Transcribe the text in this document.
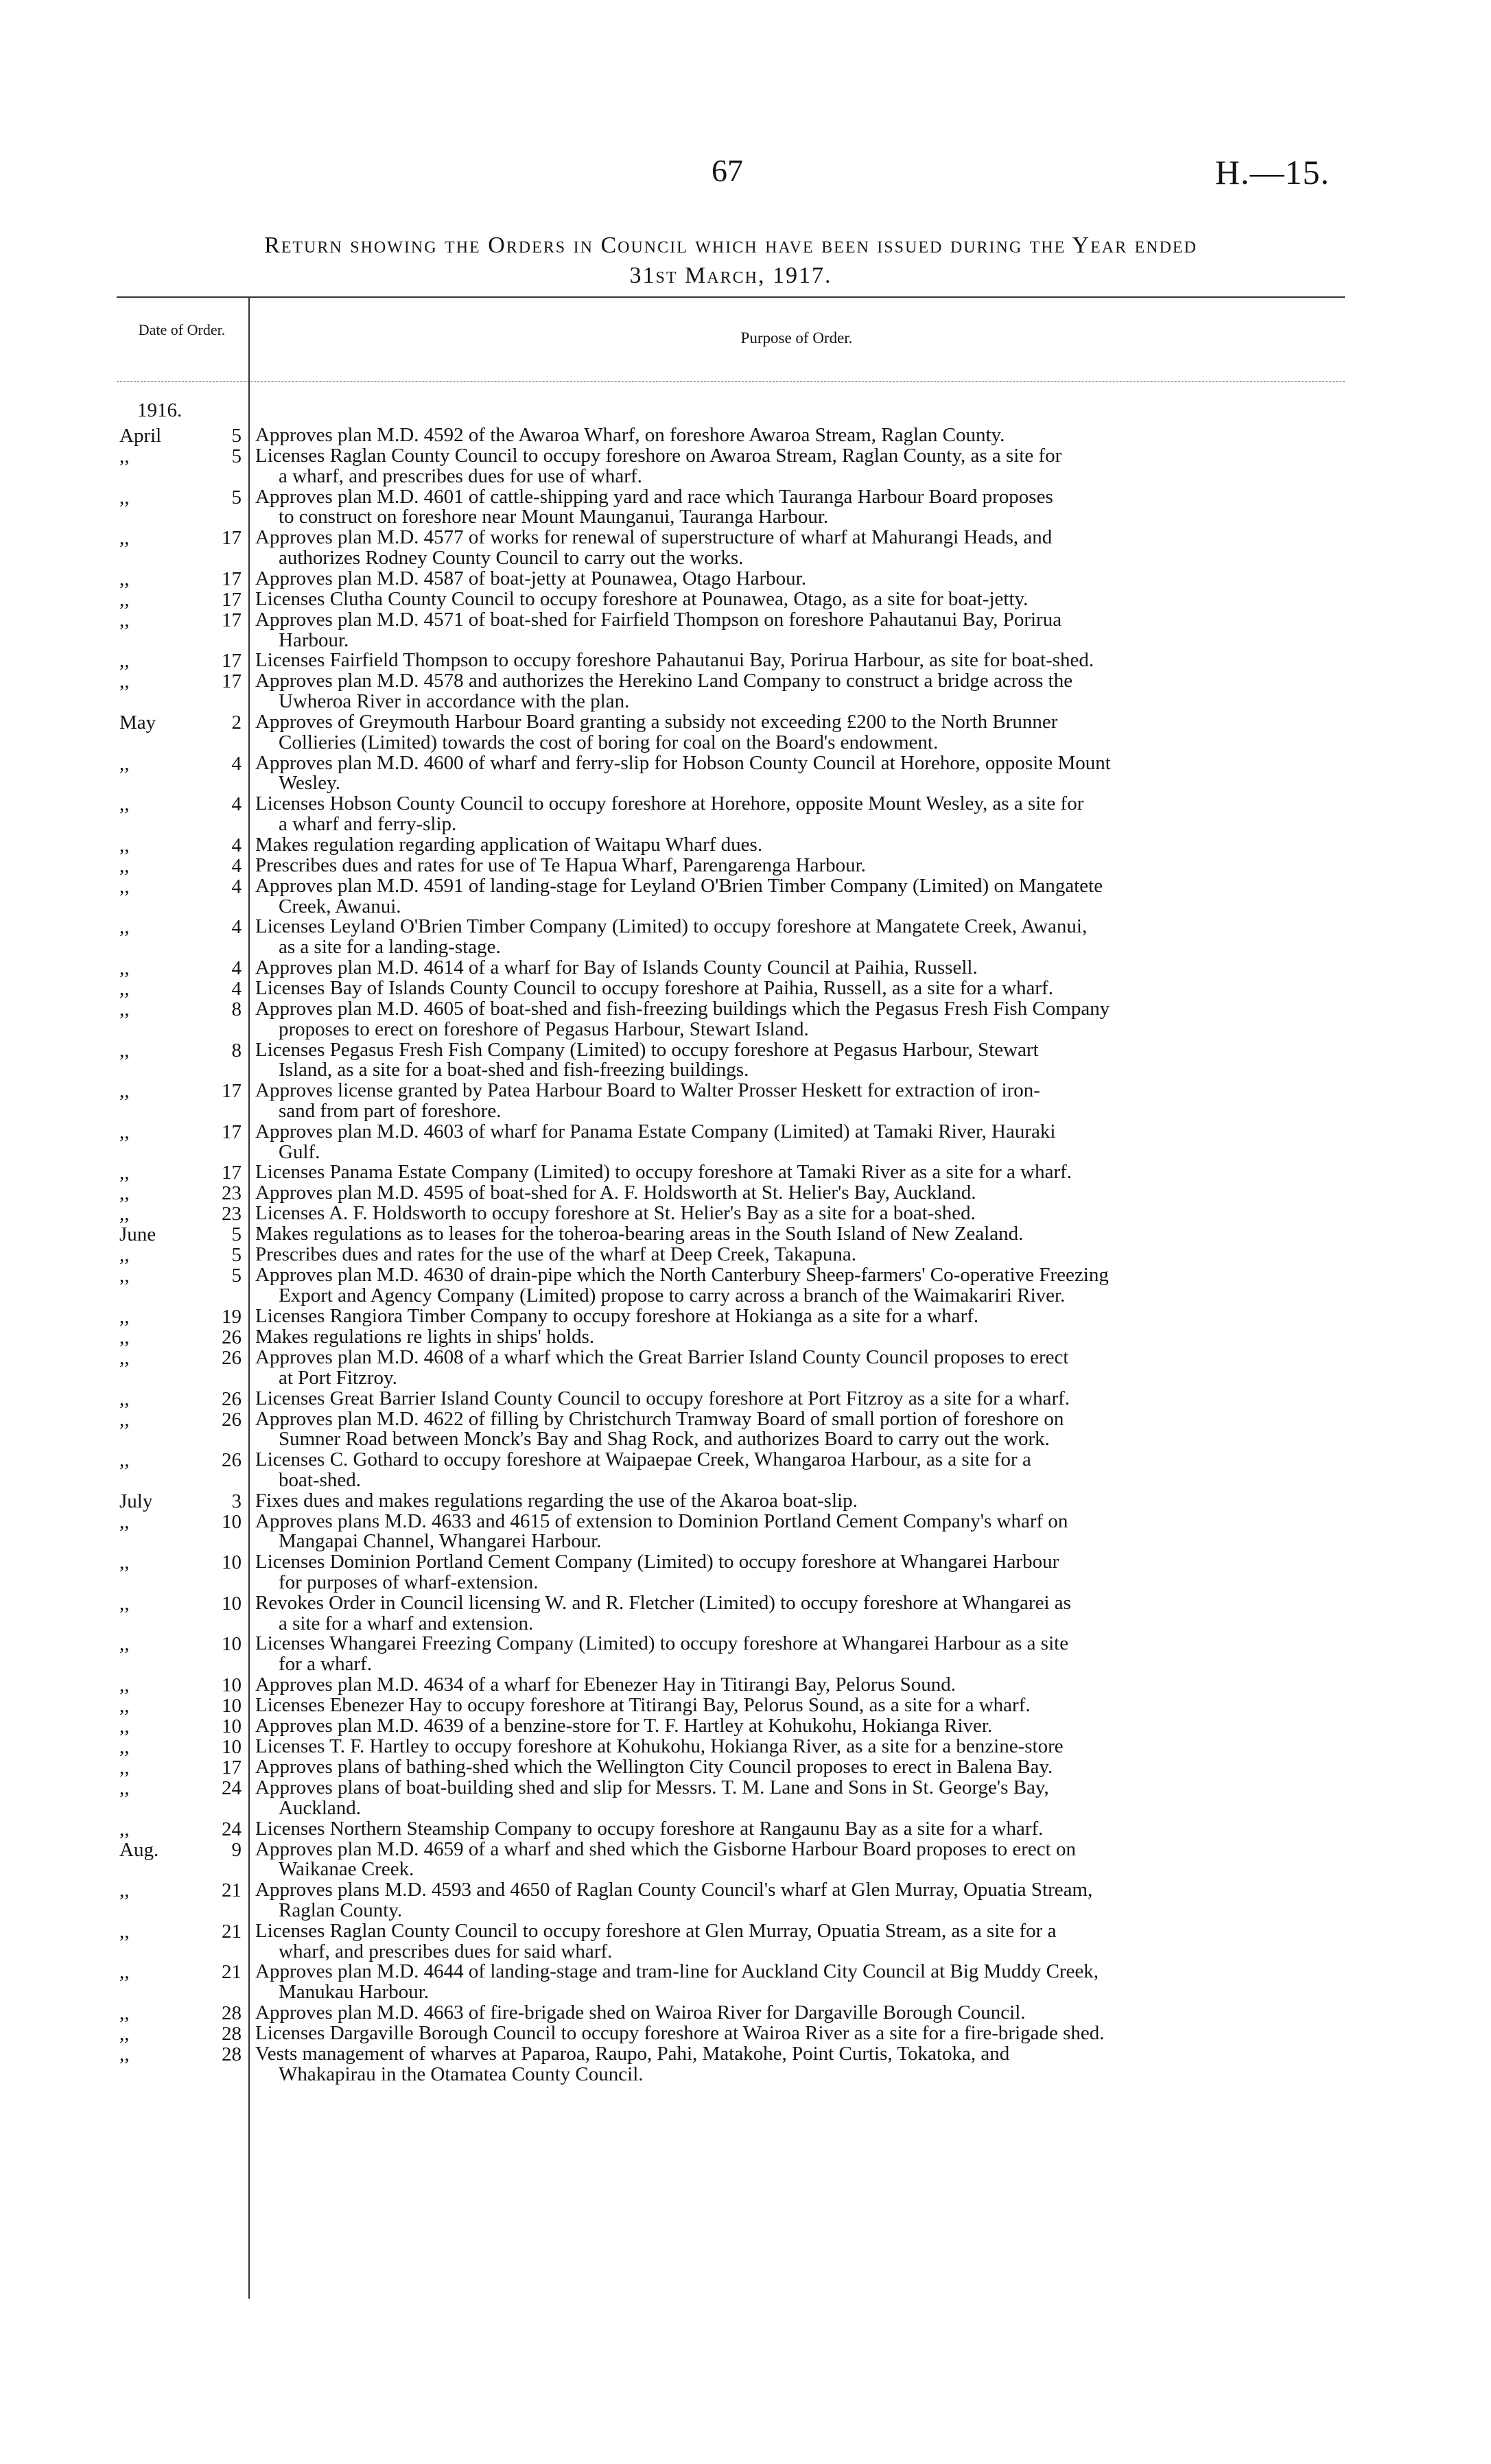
67	H.—15.
Return showing the Orders in Council which have been issued during the Year ended
31st March, 1917.
Date of Order.	Purpose of Order.
1916.
April	5 Approves plan M.D. 4592 of the Awaroa Wharf, on foreshore Awaroa Stream, Raglan County.
,,	5 Licenses Raglan County Council to occupy foreshore on Awaroa Stream, Raglan County, as a site for
a wharf, and prescribes dues for use of wharf.
,,	5 Approves plan M.D. 4601 of cattle-shipping yard and race which Tauranga Harbour Board proposes
to construct on foreshore near Mount Maunganui, Tauranga Harbour.
,,	17 Approves plan M.D. 4577 of works for renewal of superstructure of wharf at Mahurangi Heads, and
authorizes Rodney County Council to carry out the works.
,,	17 Approves plan M.D. 4587 of boat-jetty at Pounawea, Otago Harbour.
,,	17 Licenses Clutha County Council to occupy foreshore at Pounawea, Otago, as a site for boat-jetty.
,,	17 Approves plan M.D. 4571 of boat-shed for Fairfield Thompson on foreshore Pahautanui Bay, Porirua
Harbour.
,,	17 Licenses Fairfield Thompson to occupy foreshore Pahautanui Bay, Porirua Harbour, as site for boat-shed.
,,	17 Approves plan M.D. 4578 and authorizes the Herekino Land Company to construct a bridge across the
Uwheroa River in accordance with the plan.
May	2 Approves of Greymouth Harbour Board granting a subsidy not exceeding £200 to the North Brunner
Collieries (Limited) towards the cost of boring for coal on the Board's endowment.
,,	4 Approves plan M.D. 4600 of wharf and ferry-slip for Hobson County Council at Horehore, opposite Mount
Wesley.
,,	4 Licenses Hobson County Council to occupy foreshore at Horehore, opposite Mount Wesley, as a site for
a wharf and ferry-slip.
,,	4 Makes regulation regarding application of Waitapu Wharf dues.
,,	4 Prescribes dues and rates for use of Te Hapua Wharf, Parengarenga Harbour.
,,	4 Approves plan M.D. 4591 of landing-stage for Leyland O'Brien Timber Company (Limited) on Mangatete
Creek, Awanui.
,,	4 Licenses Leyland O'Brien Timber Company (Limited) to occupy foreshore at Mangatete Creek, Awanui,
as a site for a landing-stage.
,,	4 Approves plan M.D. 4614 of a wharf for Bay of Islands County Council at Paihia, Russell.
,,	4 Licenses Bay of Islands County Council to occupy foreshore at Paihia, Russell, as a site for a wharf.
,,	8 Approves plan M.D. 4605 of boat-shed and fish-freezing buildings which the Pegasus Fresh Fish Company
proposes to erect on foreshore of Pegasus Harbour, Stewart Island.
,,	8 Licenses Pegasus Fresh Fish Company (Limited) to occupy foreshore at Pegasus Harbour, Stewart
Island, as a site for a boat-shed and fish-freezing buildings.
,,	17 Approves license granted by Patea Harbour Board to Walter Prosser Heskett for extraction of iron-
sand from part of foreshore.
,,	17 Approves plan M.D. 4603 of wharf for Panama Estate Company (Limited) at Tamaki River, Hauraki
Gulf.
,,	17 Licenses Panama Estate Company (Limited) to occupy foreshore at Tamaki River as a site for a wharf.
,,	23 Approves plan M.D. 4595 of boat-shed for A. F. Holdsworth at St. Helier's Bay, Auckland.
,,	23 Licenses A. F. Holdsworth to occupy foreshore at St. Helier's Bay as a site for a boat-shed.
June	5 Makes regulations as to leases for the toheroa-bearing areas in the South Island of New Zealand.
,,	5 Prescribes dues and rates for the use of the wharf at Deep Creek, Takapuna.
,,	5 Approves plan M.D. 4630 of drain-pipe which the North Canterbury Sheep-farmers' Co-operative Freezing
Export and Agency Company (Limited) propose to carry across a branch of the Waimakariri River.
,,	19 Licenses Rangiora Timber Company to occupy foreshore at Hokianga as a site for a wharf.
,,	26 Makes regulations re lights in ships' holds.
,,	26 Approves plan M.D. 4608 of a wharf which the Great Barrier Island County Council proposes to erect
at Port Fitzroy.
,,	26 Licenses Great Barrier Island County Council to occupy foreshore at Port Fitzroy as a site for a wharf.
,,	26 Approves plan M.D. 4622 of filling by Christchurch Tramway Board of small portion of foreshore on
Sumner Road between Monck's Bay and Shag Rock, and authorizes Board to carry out the work.
,,	26 Licenses C. Gothard to occupy foreshore at Waipaepae Creek, Whangaroa Harbour, as a site for a
boat-shed.
July	3 Fixes dues and makes regulations regarding the use of the Akaroa boat-slip.
,,	10 Approves plans M.D. 4633 and 4615 of extension to Dominion Portland Cement Company's wharf on
Mangapai Channel, Whangarei Harbour.
,,	10 Licenses Dominion Portland Cement Company (Limited) to occupy foreshore at Whangarei Harbour
for purposes of wharf-extension.
,,	10 Revokes Order in Council licensing W. and R. Fletcher (Limited) to occupy foreshore at Whangarei as
a site for a wharf and extension.
,,	10 Licenses Whangarei Freezing Company (Limited) to occupy foreshore at Whangarei Harbour as a site
for a wharf.
,,	10 Approves plan M.D. 4634 of a wharf for Ebenezer Hay in Titirangi Bay, Pelorus Sound.
,,	10 Licenses Ebenezer Hay to occupy foreshore at Titirangi Bay, Pelorus Sound, as a site for a wharf.
,,	10 Approves plan M.D. 4639 of a benzine-store for T. F. Hartley at Kohukohu, Hokianga River.
,,	10 Licenses T. F. Hartley to occupy foreshore at Kohukohu, Hokianga River, as a site for a benzine-store
,,	17 Approves plans of bathing-shed which the Wellington City Council proposes to erect in Balena Bay.
,,	24 Approves plans of boat-building shed and slip for Messrs. T. M. Lane and Sons in St. George's Bay,
Auckland.
,,	24 Licenses Northern Steamship Company to occupy foreshore at Rangaunu Bay as a site for a wharf.
Aug.	9 Approves plan M.D. 4659 of a wharf and shed which the Gisborne Harbour Board proposes to erect on
Waikanae Creek.
,,	21 Approves plans M.D. 4593 and 4650 of Raglan County Council's wharf at Glen Murray, Opuatia Stream,
Raglan County.
,,	21 Licenses Raglan County Council to occupy foreshore at Glen Murray, Opuatia Stream, as a site for a
wharf, and prescribes dues for said wharf.
,,	21 Approves plan M.D. 4644 of landing-stage and tram-line for Auckland City Council at Big Muddy Creek,
Manukau Harbour.
,,	28 Approves plan M.D. 4663 of fire-brigade shed on Wairoa River for Dargaville Borough Council.
,,	28 Licenses Dargaville Borough Council to occupy foreshore at Wairoa River as a site for a fire-brigade shed.
,,	28 Vests management of wharves at Paparoa, Raupo, Pahi, Matakohe, Point Curtis, Tokatoka, and
Whakapirau in the Otamatea County Council.
